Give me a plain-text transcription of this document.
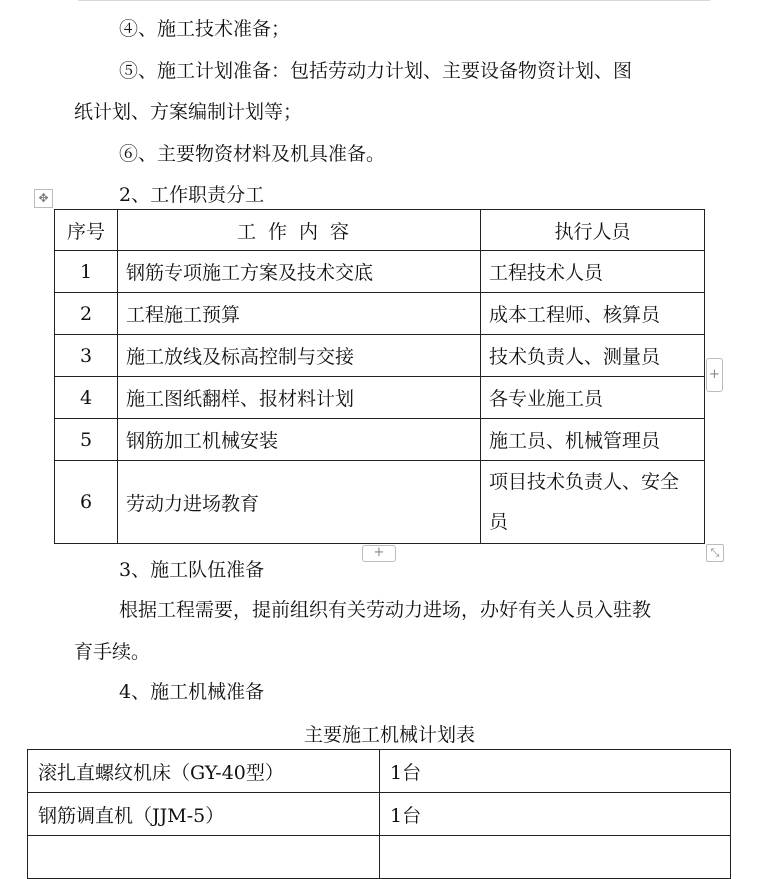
④、施工技术准备；
⑤、施工计划准备：包括劳动力计划、主要设备物资计划、图
纸计划、方案编制计划等；
⑥、主要物资材料及机具准备。
2、工作职责分工
✥
序号	工作内容	执行人员
1	钢筋专项施工方案及技术交底	工程技术人员
2	工程施工预算	成本工程师、核算员
3	施工放线及标高控制与交接	技术负责人、测量员
4	施工图纸翻样、报材料计划	各专业施工员
5	钢筋加工机械安装	施工员、机械管理员
6	劳动力进场教育	项目技术负责人、安全员
+
+	⤡
3、施工队伍准备
根据工程需要，提前组织有关劳动力进场，办好有关人员入驻教
育手续。
4、施工机械准备
主要施工机械计划表
滚扎直螺纹机床（GY-40型）	1台
钢筋调直机（JJM-5）	1台
